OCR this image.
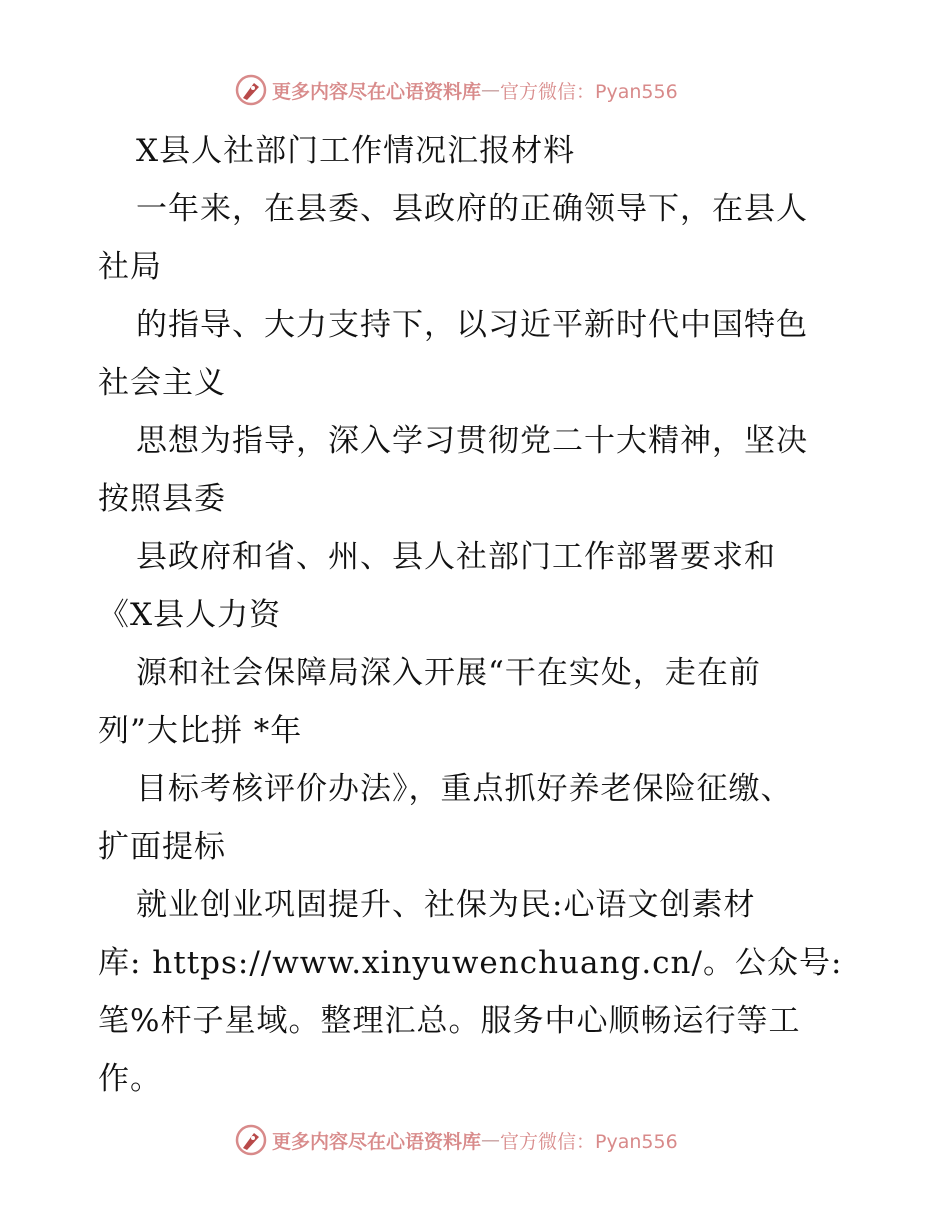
更多内容尽在心语资料库 — 官方微信：Pyan556
X县人社部门工作情况汇报材料
一年来，在县委、县政府的正确领导下，在县人
社局
的指导、大力支持下，以习近平新时代中国特色
社会主义
思想为指导，深入学习贯彻党二十大精神，坚决
按照县委
县政府和省、州、县人社部门工作部署要求和
《X县人力资
源和社会保障局深入开展“干在实处，走在前
列”大比拼 *年
目标考核评价办法》，重点抓好养老保险征缴、
扩面提标
就业创业巩固提升、社保为民:心语文创素材
库: https://www.xinyuwenchuang.cn/。公众号:
笔%杆子星域。整理汇总。服务中心顺畅运行等工
作。
更多内容尽在心语资料库 — 官方微信：Pyan556
